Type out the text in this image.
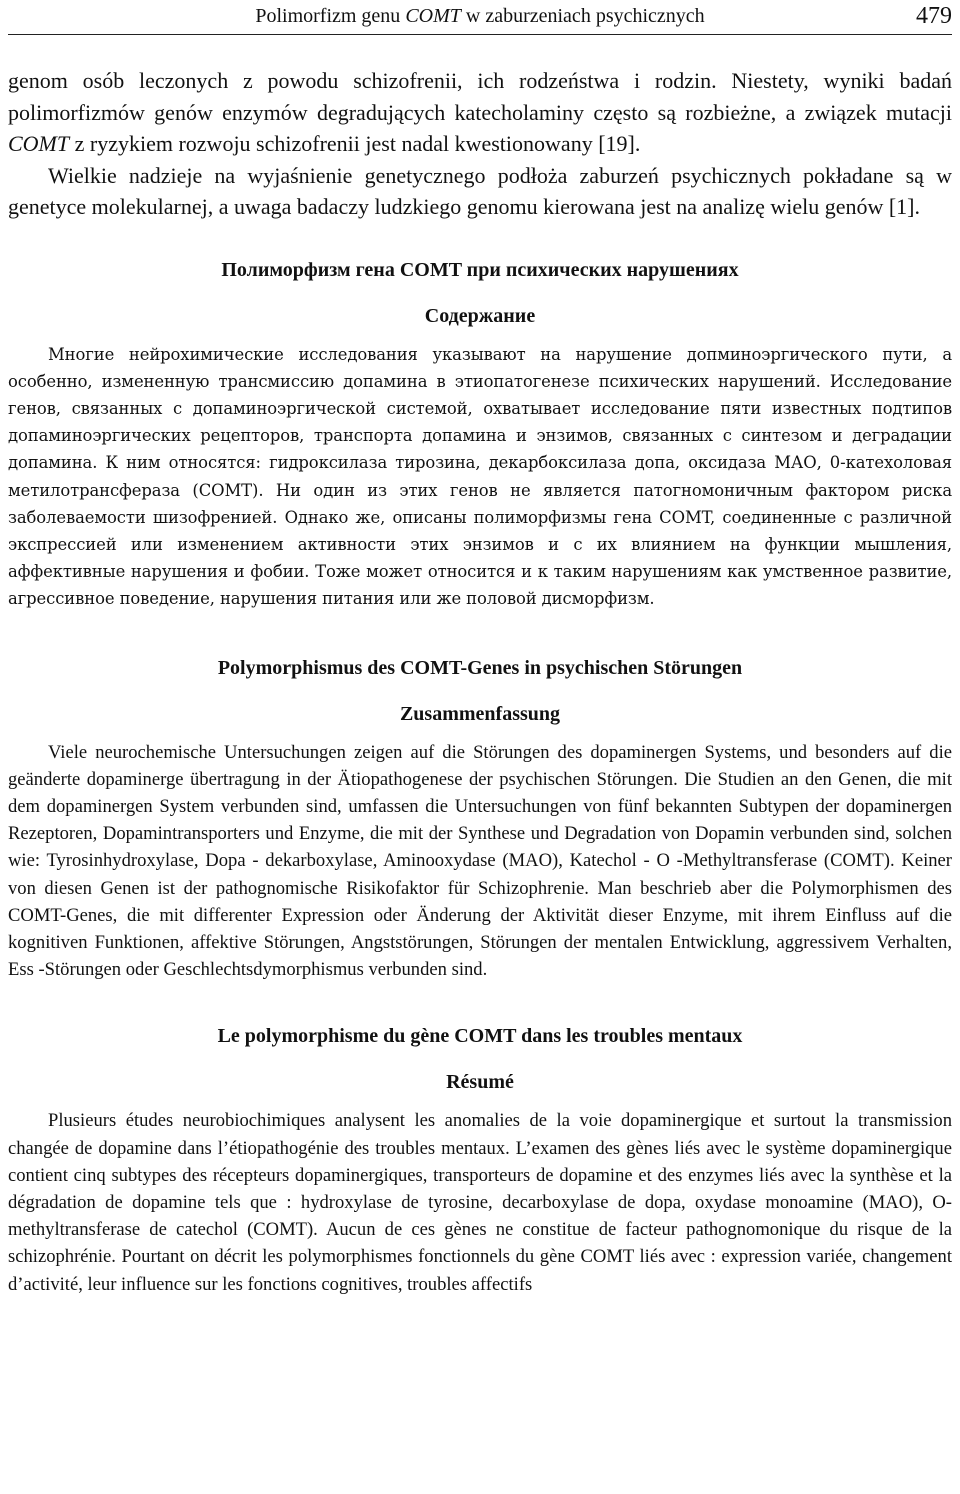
Polimorfizm genu COMT w zaburzeniach psychicznych	479

genom osób leczonych z powodu schizofrenii, ich rodzeństwa i rodzin. Niestety, wyniki badań polimorfizmów genów enzymów degradujących katecholaminy często są rozbieżne, a związek mutacji COMT z ryzykiem rozwoju schizofrenii jest nadal kwestionowany [19].

Wielkie nadzieje na wyjaśnienie genetycznego podłoża zaburzeń psychicznych pokładane są w genetyce molekularnej, a uwaga badaczy ludzkiego genomu kierowana jest na analizę wielu genów [1].

Полиморфизм гена COMT при психических нарушениях
Содержание

Многие нейрохимические исследования указывают на нарушение допминоэргического пути, а особенно, измененную трансмиссию допамина в этиопатогенезе психических нарушений. Исследование генов, связанных с допаминоэргической системой, охватывает исследование пяти известных подтипов допаминоэргических рецепторов, транспорта допамина и энзимов, связанных с синтезом и деградации допамина. К ним относятся: гидроксилаза тирозина, декарбоксилаза допа, оксидаза МАО, 0-катехоловая метилотрансфераза (COMT). Ни один из этих генов не является патогномоничным фактором риска заболеваемости шизофренией. Однако же, описаны полиморфизмы гена COMT, соединенные с различной экспрессией или изменением активности этих энзимов и с их влиянием на функции мышления, аффективные нарушения и фобии. Тоже может относится и к таким нарушениям как умственное развитие, агрессивное поведение, нарушения питания или же половой дисморфизм.

Polymorphismus des COMT-Genes in psychischen Störungen
Zusammenfassung

Viele neurochemische Untersuchungen zeigen auf die Störungen des dopaminergen Systems, und besonders auf die geänderte dopaminerge übertragung in der Ätiopathogenese der psychischen Störungen. Die Studien an den Genen, die mit dem dopaminergen System verbunden sind, umfassen die Untersuchungen von fünf bekannten Subtypen der dopaminergen Rezeptoren, Dopamintransporters und Enzyme, die mit der Synthese und Degradation von Dopamin verbunden sind, solchen wie: Tyrosinhydroxylase, Dopa - dekarboxylase, Aminooxydase (MAO), Katechol - O -Methyltransferase (COMT). Keiner von diesen Genen ist der pathognomische Risikofaktor für Schizophrenie. Man beschrieb aber die Polymorphismen des COMT-Genes, die mit differenter Expression oder Änderung der Aktivität dieser Enzyme, mit ihrem Einfluss auf die kognitiven Funktionen, affektive Störungen, Angststörungen, Störungen der mentalen Entwicklung, aggressivem Verhalten, Ess -Störungen oder Geschlechtsdymorphismus verbunden sind.

Le polymorphisme du gène COMT dans les troubles mentaux
Résumé

Plusieurs études neurobiochimiques analysent les anomalies de la voie dopaminergique et surtout la transmission changée de dopamine dans l’étiopathogénie des troubles mentaux. L’examen des gènes liés avec le système dopaminergique contient cinq subtypes des récepteurs dopaminergiques, transporteurs de dopamine et des enzymes liés avec la synthèse et la dégradation de dopamine tels que : hydroxylase de tyrosine, decarboxylase de dopa, oxydase monoamine (MAO), O-methyltransferase de catechol (COMT). Aucun de ces gènes ne constitue de facteur pathognomonique du risque de la schizophrénie. Pourtant on décrit les polymorphismes fonctionnels du gène COMT liés avec : expression variée, changement d’activité, leur influence sur les fonctions cognitives, troubles affectifs
